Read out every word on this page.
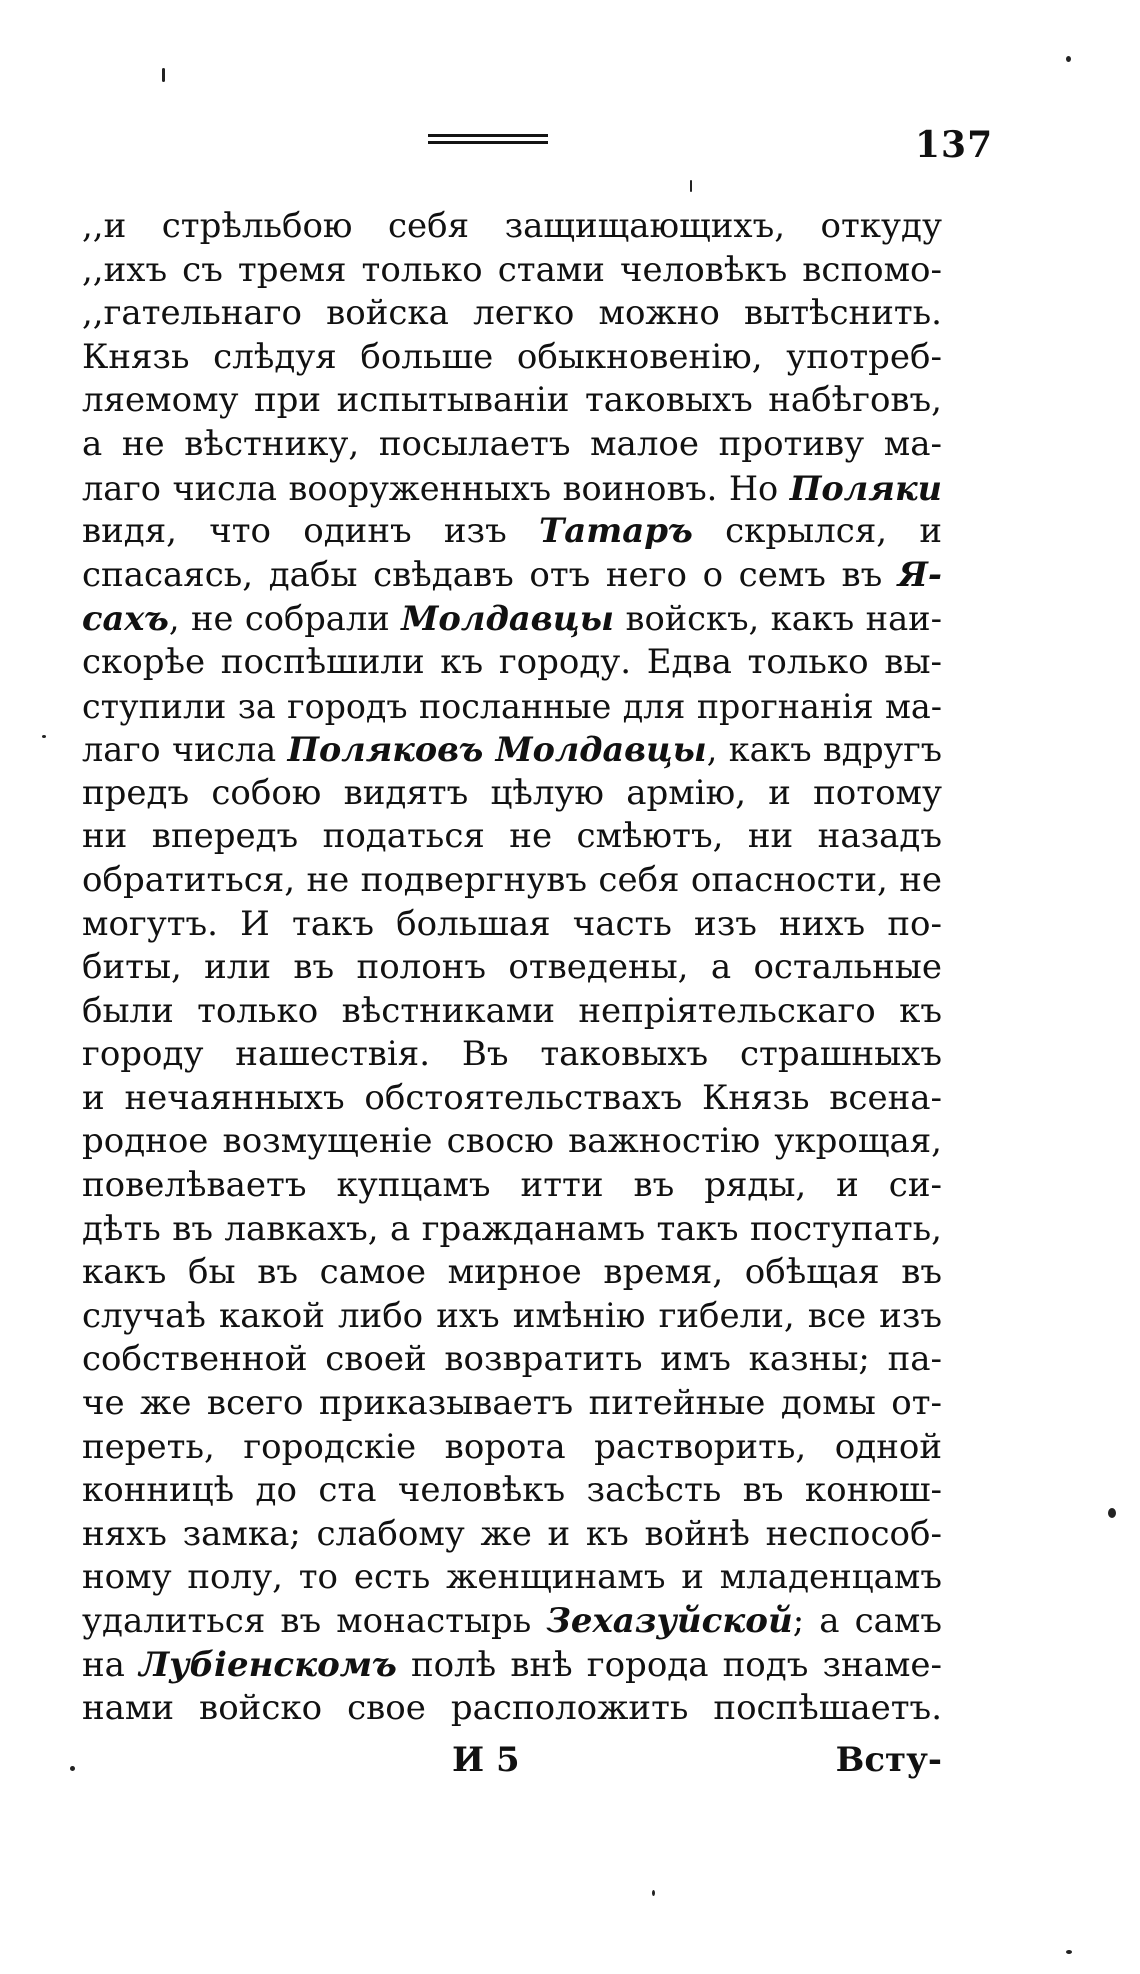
137
,,и стрѣльбою себя защищающихъ, откуду
,,ихъ съ тремя только стами человѣкъ вспомо-
,,гательнаго войска легко можно вытѣснить.
Князь слѣдуя больше обыкновенію, употреб-
ляемому при испытываніи таковыхъ набѣговъ,
а не вѣстнику, посылаетъ малое противу ма-
лаго числа вооруженныхъ воиновъ. Но Поляки
видя, что одинъ изъ Татаръ скрылся, и
спасаясь, дабы свѣдавъ отъ него о семъ въ Я-
сахъ, не собрали Молдавцы войскъ, какъ наи-
скорѣе поспѣшили къ городу. Едва только вы-
ступили за городъ посланные для прогнанія ма-
лаго числа Поляковъ Молдавцы, какъ вдругъ
предъ собою видятъ цѣлую армію, и потому
ни впередъ податься не смѣютъ, ни назадъ
обратиться, не подвергнувъ себя опасности, не
могутъ. И такъ большая часть изъ нихъ по-
биты, или въ полонъ отведены, а остальные
были только вѣстниками непріятельскаго къ
городу нашествія. Въ таковыхъ страшныхъ
и нечаянныхъ обстоятельствахъ Князь всена-
родное возмущеніе свосю важностію укрощая,
повелѣваетъ купцамъ итти въ ряды, и си-
дѣть въ лавкахъ, а гражданамъ такъ поступать,
какъ бы въ самое мирное время, обѣщая въ
случаѣ какой либо ихъ имѣнію гибели, все изъ
собственной своей возвратить имъ казны; па-
че же всего приказываетъ питейные домы от-
переть, городскіе ворота растворить, одной
конницѣ до ста человѣкъ засѣсть въ конюш-
няхъ замка; слабому же и къ войнѣ неспособ-
ному полу, то есть женщинамъ и младенцамъ
удалиться въ монастырь Зехазуйской; а самъ
на Лубіенскомъ полѣ внѣ города подъ знаме-
нами войско свое расположить поспѣшаетъ.
И 5	Всту-
